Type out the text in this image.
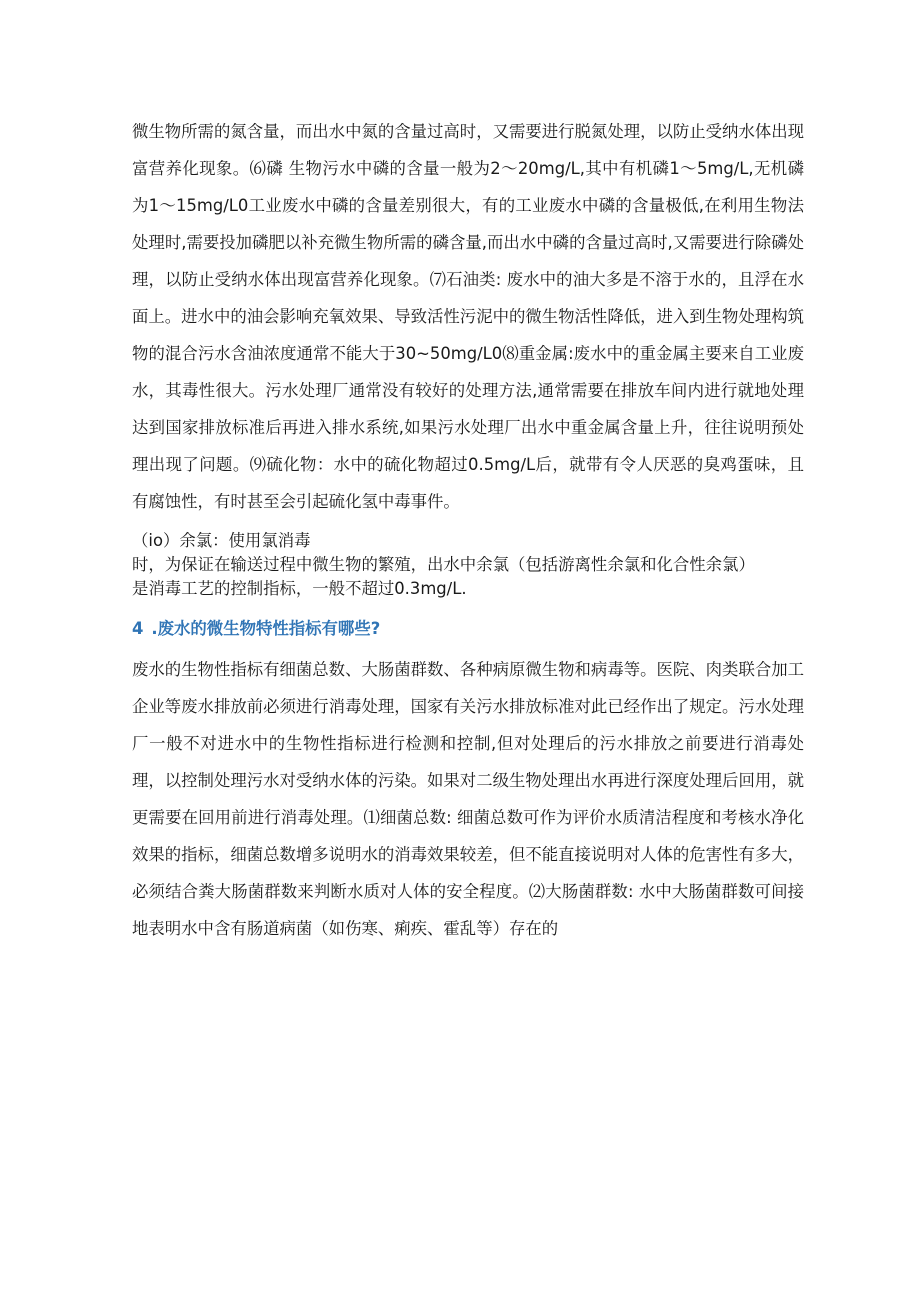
微生物所需的氮含量，而出水中氮的含量过高时，又需要进行脱氮处理，以防止受纳水体出现富营养化现象。⑹磷 生物污水中磷的含量一般为2～20mg∕L,其中有机磷1～5mg∕L,无机磷为1～15mg∕L0工业废水中磷的含量差别很大，有的工业废水中磷的含量极低,在利用生物法处理时,需要投加磷肥以补充微生物所需的磷含量,而出水中磷的含量过高时,又需要进行除磷处理，以防止受纳水体出现富营养化现象。⑺石油类: 废水中的油大多是不溶于水的，且浮在水面上。进水中的油会影响充氧效果、导致活性污泥中的微生物活性降低，进入到生物处理构筑物的混合污水含油浓度通常不能大于30~50mg∕L0⑻重金属:废水中的重金属主要来自工业废水，其毒性很大。污水处理厂通常没有较好的处理方法,通常需要在排放车间内进行就地处理达到国家排放标准后再进入排水系统,如果污水处理厂出水中重金属含量上升，往往说明预处理出现了问题。⑼硫化物：水中的硫化物超过0.5mg∕L后，就带有令人厌恶的臭鸡蛋味，且有腐蚀性，有时甚至会引起硫化氢中毒事件。

（io）余氯：使用氯消毒

时，为保证在输送过程中微生物的繁殖，出水中余氯（包括游离性余氯和化合性余氯）

是消毒工艺的控制指标，一般不超过0.3mg∕L.

4 .废水的微生物特性指标有哪些?

废水的生物性指标有细菌总数、大肠菌群数、各种病原微生物和病毒等。医院、肉类联合加工企业等废水排放前必须进行消毒处理，国家有关污水排放标准对此已经作出了规定。污水处理厂一般不对进水中的生物性指标进行检测和控制,但对处理后的污水排放之前要进行消毒处理，以控制处理污水对受纳水体的污染。如果对二级生物处理出水再进行深度处理后回用，就更需要在回用前进行消毒处理。⑴细菌总数: 细菌总数可作为评价水质清洁程度和考核水净化效果的指标，细菌总数增多说明水的消毒效果较差，但不能直接说明对人体的危害性有多大，必须结合粪大肠菌群数来判断水质对人体的安全程度。⑵大肠菌群数: 水中大肠菌群数可间接地表明水中含有肠道病菌（如伤寒、痢疾、霍乱等）存在的
